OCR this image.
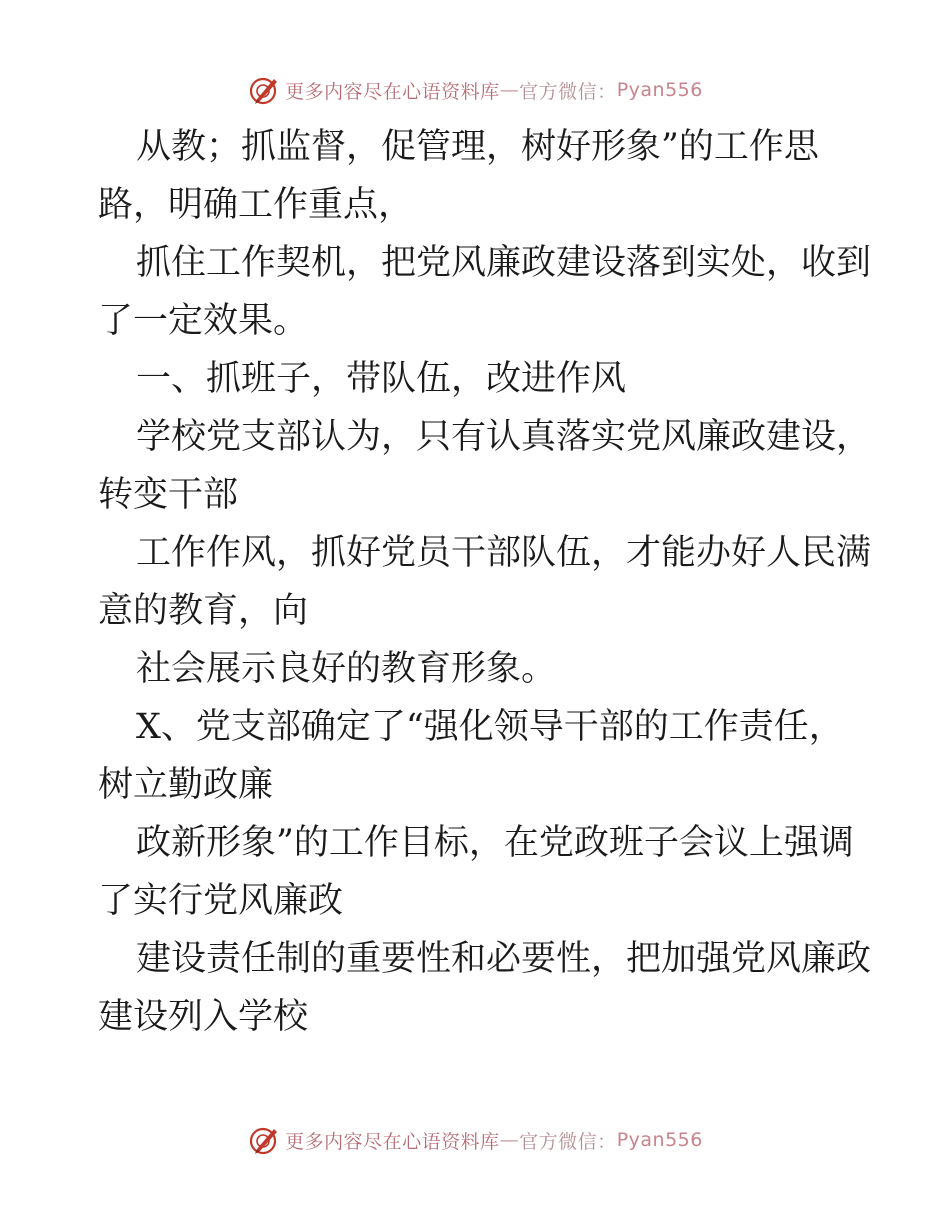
更多内容尽在心语资料库 — 官方微信： Pyan556
从教；抓监督，促管理，树好形象”的工作思
路，明确工作重点，
抓住工作契机，把党风廉政建设落到实处，收到
了一定效果。
一、抓班子，带队伍，改进作风
学校党支部认为，只有认真落实党风廉政建设，
转变干部
工作作风，抓好党员干部队伍，才能办好人民满
意的教育，向
社会展示良好的教育形象。
X、党支部确定了“强化领导干部的工作责任，
树立勤政廉
政新形象”的工作目标，在党政班子会议上强调
了实行党风廉政
建设责任制的重要性和必要性，把加强党风廉政
建设列入学校
更多内容尽在心语资料库 — 官方微信： Pyan556
